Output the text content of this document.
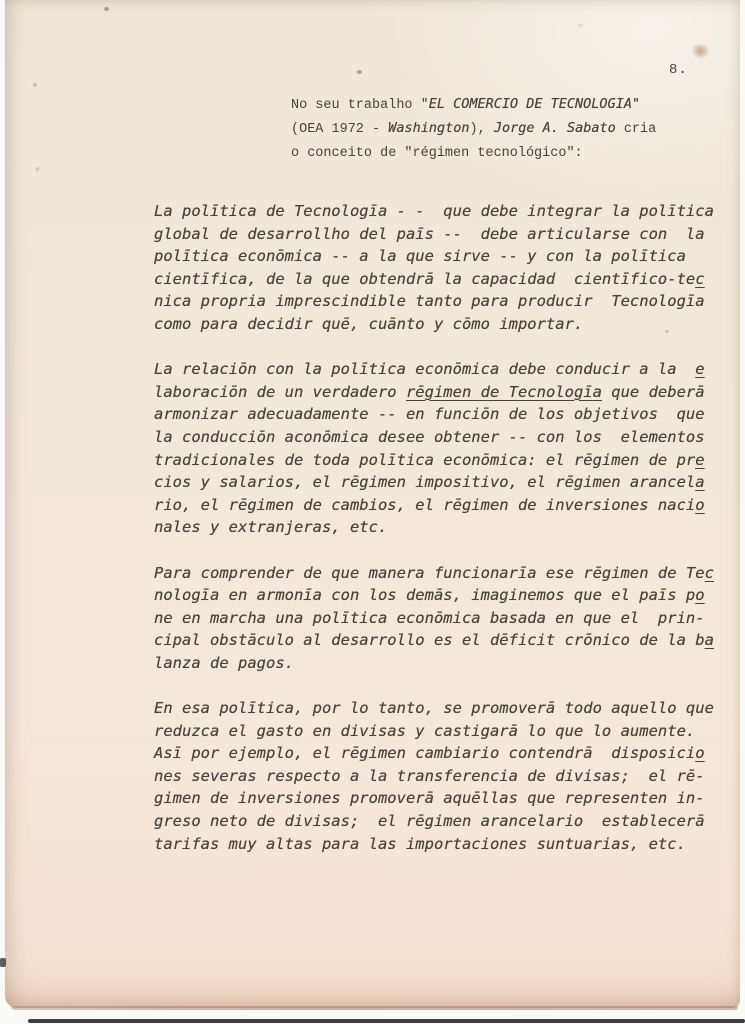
8.
No seu trabalho "EL COMERCIO DE TECNOLOGIA"
(OEA 1972 - Washington), Jorge A. Sabato cria
o conceito de "régimen tecnológico":
La polītica de Tecnologīa - -  que debe integrar la polītica
global de desarrollho del paīs --  debe articularse con  la
polītica econōmica -- a la que sirve -- y con la polītica
cientīfica, de la que obtendrā la capacidad  cientīfico-tec
nica propria imprescindible tanto para producir  Tecnologīa
como para decidir quē, cuānto y cōmo importar.
La relaciōn con la polītica econōmica debe conducir a la  e
laboraciōn de un verdadero rēgimen de Tecnologīa que deberā
armonizar adecuadamente -- en funciōn de los objetivos  que
la conducciōn aconōmica desee obtener -- con los  elementos
tradicionales de toda polītica econōmica: el rēgimen de pre
cios y salarios, el rēgimen impositivo, el rēgimen arancela
rio, el rēgimen de cambios, el rēgimen de inversiones nacio
nales y extranjeras, etc.
Para comprender de que manera funcionarīa ese rēgimen de Tec
nologīa en armonīa con los demās, imaginemos que el paīs po
ne en marcha una polītica econōmica basada en que el  prin-
cipal obstāculo al desarrollo es el dēficit crōnico de la ba
lanza de pagos.
En esa polītica, por lo tanto, se promoverā todo aquello que
reduzca el gasto en divisas y castigarā lo que lo aumente.
Asī por ejemplo, el rēgimen cambiario contendrā  disposicio
nes severas respecto a la transferencia de divisas;  el rē-
gimen de inversiones promoverā aquēllas que representen in-
greso neto de divisas;  el rēgimen arancelario  establecerā
tarifas muy altas para las importaciones suntuarias, etc.
